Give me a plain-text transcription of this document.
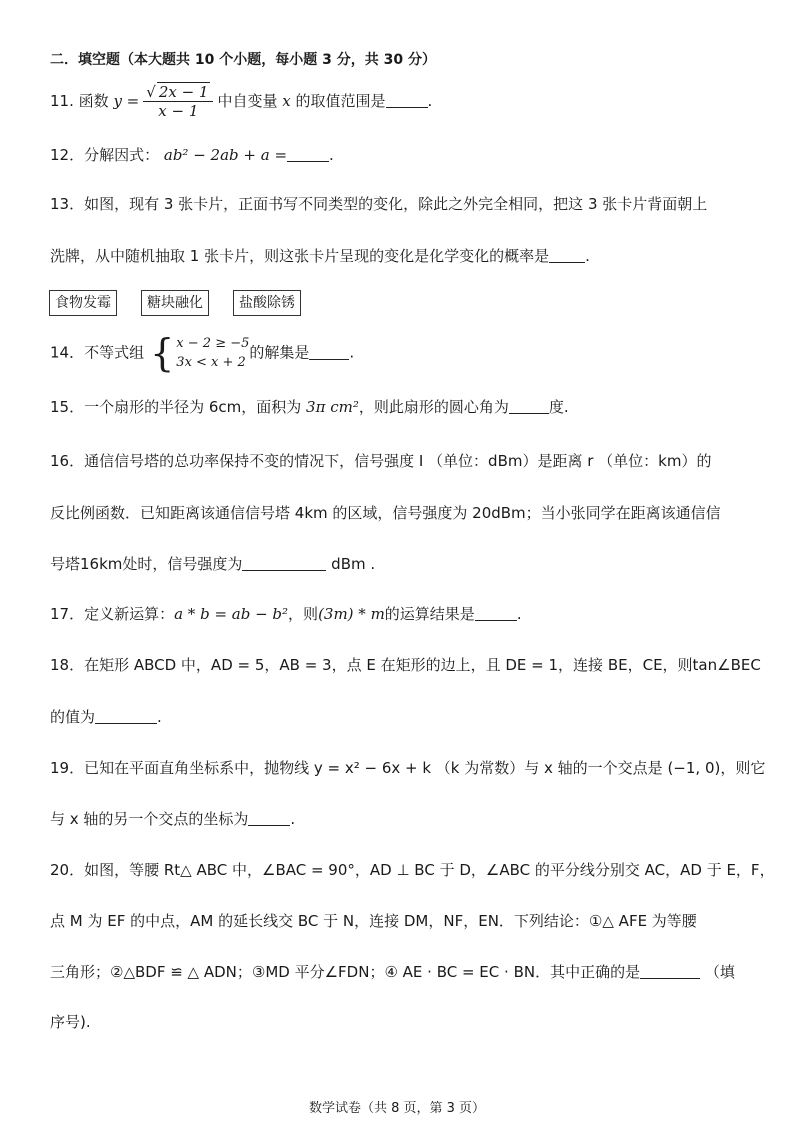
二．填空题（本大题共 10 个小题，每小题 3 分，共 30 分）
11. 函数 $y = \frac{√ 2x - 1}{x - 1}$ 中自变量 x 的取值范围是	.
12．分解因式： ab² − 2ab + a =	.
13．如图，现有 3 张卡片，正面书写不同类型的变化，除此之外完全相同，把这 3 张卡片背面朝上
洗牌，从中随机抽取 1 张卡片，则这张卡片呈现的变化是化学变化的概率是 .
食物发霉	糖块融化	盐酸除锈
14．不等式组 { x − 2 ≥ −5
3x < x + 2
的解集是	.
15．一个扇形的半径为 6cm，面积为 3π cm²，则此扇形的圆心角为	度.
16．通信信号塔的总功率保持不变的情况下，信号强度 I （单位：dBm）是距离 r （单位：km）的
反比例函数．已知距离该通信信号塔 4km 的区域，信号强度为 20dBm；当小张同学在距离该通信信
号塔16km处时，信号强度为	dBm .
17．定义新运算：a * b = ab − b²，则(3m) * m的运算结果是	.
18．在矩形 ABCD 中，AD = 5，AB = 3，点 E 在矩形的边上，且 DE = 1，连接 BE，CE，则tan∠BEC
的值为	.
19．已知在平面直角坐标系中，抛物线 y = x² − 6x + k （k 为常数）与 x 轴的一个交点是 (−1, 0)，则它
与 x 轴的另一个交点的坐标为	.
20．如图，等腰 Rt△ ABC 中，∠BAC = 90°，AD ⊥ BC 于 D，∠ABC 的平分线分别交 AC，AD 于 E，F，
点 M 为 EF 的中点，AM 的延长线交 BC 于 N，连接 DM，NF，EN．下列结论：①△ AFE 为等腰
三角形；②△BDF ≌ △ ADN；③MD 平分∠FDN；④ AE · BC = EC · BN．其中正确的是	（填
序号).
数学试卷（共 8 页，第 3 页）
